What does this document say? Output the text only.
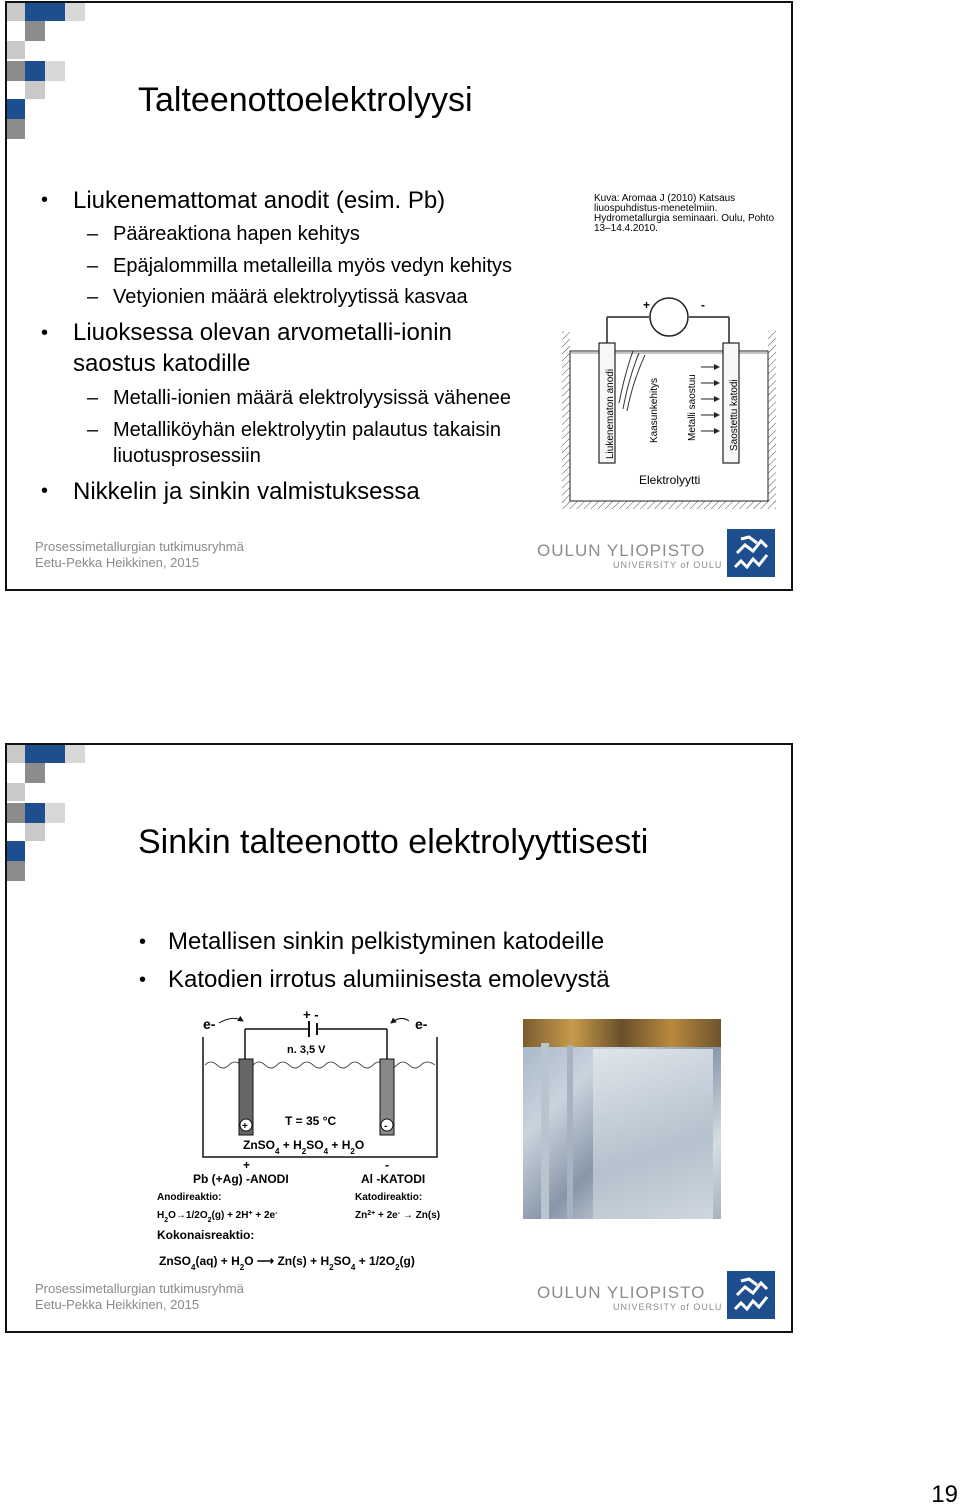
Talteenottoelektrolyysi
• Liukenemattomat anodit (esim. Pb)
– Pääreaktiona hapen kehitys
– Epäjalommilla metalleilla myös vedyn kehitys
– Vetyionien määrä elektrolyytissä kasvaa
• Liuoksessa olevan arvometalli-ionin
saostus katodille
– Metalli-ionien määrä elektrolyysissä vähenee
– Metalliköyhän elektrolyytin palautus takaisin
liuotusprosessiin
• Nikkelin ja sinkin valmistuksessa
Kuva: Aromaa J (2010) Katsaus
liuospuhdistus-menetelmiin.
Hydrometallurgia seminaari. Oulu, Pohto
13–14.4.2010.
+	-
Liukenematon anodi	Kaasunkehitys	Metalli saostuu	Saostettu katodi
Elektrolyytti
Prosessimetallurgian tutkimusryhmä
Eetu-Pekka Heikkinen, 2015
OULUN YLIOPISTO
UNIVERSITY of OULU
Sinkin talteenotto elektrolyyttisesti
• Metallisen sinkin pelkistyminen katodeille
• Katodien irrotus alumiinisesta emolevystä
e-	e-
+ -
n. 3,5 V
+	-
T = 35 °C
ZnSO$_4$ + $H_2SO_4 + H_2O$
+	-
Pb (+Ag) -ANODI	Al -KATODI
Anodireaktio:	Katodireaktio:
$H_2O\to 1/2O_2(g) + 2H^+ + 2e^-$	$Zn^{2+} + 2e^- \to Zn(s)$
Kokonaisreaktio:
ZnSO$_4$(aq) + $H_2O$ ⟶ $Zn(s) + H_2SO_4 + 1/2O_2(g)$
Prosessimetallurgian tutkimusryhmä
Eetu-Pekka Heikkinen, 2015
OULUN YLIOPISTO
UNIVERSITY of OULU
19
